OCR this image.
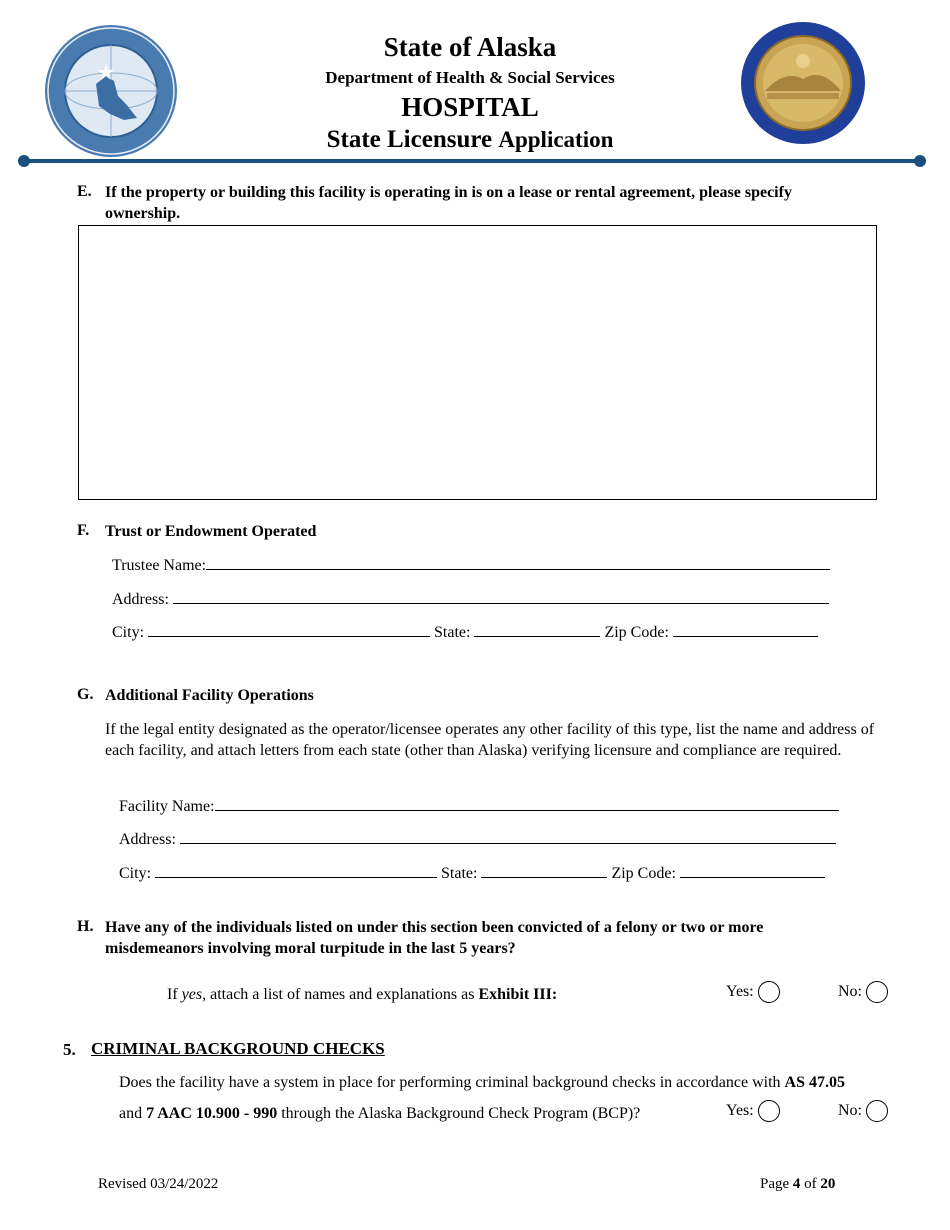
State of Alaska
Department of Health & Social Services
HOSPITAL
State Licensure Application
E. If the property or building this facility is operating in is on a lease or rental agreement, please specify ownership.
F. Trust or Endowment Operated
Trustee Name:
Address:
City:	State:	Zip Code:
G. Additional Facility Operations
If the legal entity designated as the operator/licensee operates any other facility of this type, list the name and address of each facility, and attach letters from each state (other than Alaska) verifying licensure and compliance are required.
Facility Name:
Address:
City:	State:	Zip Code:
H. Have any of the individuals listed on under this section been convicted of a felony or two or more misdemeanors involving moral turpitude in the last 5 years?
If yes, attach a list of names and explanations as Exhibit III:	Yes:	No:
5. CRIMINAL BACKGROUND CHECKS
Does the facility have a system in place for performing criminal background checks in accordance with AS 47.05
and 7 AAC 10.900 - 990 through the Alaska Background Check Program (BCP)?	Yes:	No:
Revised 03/24/2022	Page 4 of 20
